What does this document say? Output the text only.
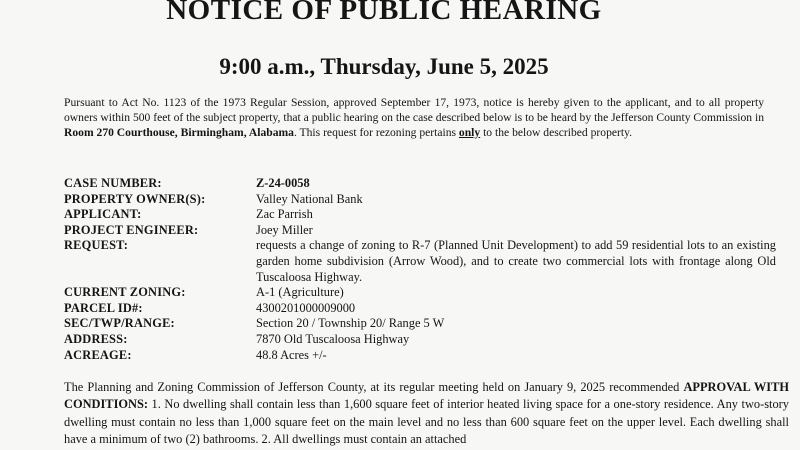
NOTICE OF PUBLIC HEARING
9:00 a.m., Thursday, June 5, 2025

Pursuant to Act No. 1123 of the 1973 Regular Session, approved September 17, 1973, notice is hereby given to the applicant, and to all property owners within 500 feet of the subject property, that a public hearing on the case described below is to be heard by the Jefferson County Commission in Room 270 Courthouse, Birmingham, Alabama. This request for rezoning pertains only to the below described property.

CASE NUMBER:	Z-24-0058
PROPERTY OWNER(S):	Valley National Bank
APPLICANT:	Zac Parrish
PROJECT ENGINEER:	Joey Miller
REQUEST:	requests a change of zoning to R-7 (Planned Unit Development) to add 59 residential lots to an existing garden home subdivision (Arrow Wood), and to create two commercial lots with frontage along Old Tuscaloosa Highway.
CURRENT ZONING:	A-1 (Agriculture)
PARCEL ID#:	4300201000009000
SEC/TWP/RANGE:	Section 20 / Township 20/ Range 5 W
ADDRESS:	7870 Old Tuscaloosa Highway
ACREAGE:	48.8 Acres +/-

The Planning and Zoning Commission of Jefferson County, at its regular meeting held on January 9, 2025 recommended APPROVAL WITH CONDITIONS: 1. No dwelling shall contain less than 1,600 square feet of interior heated living space for a one-story residence. Any two-story dwelling must contain no less than 1,000 square feet on the main level and no less than 600 square feet on the upper level. Each dwelling shall have a minimum of two (2) bathrooms. 2. All dwellings must contain an attached
